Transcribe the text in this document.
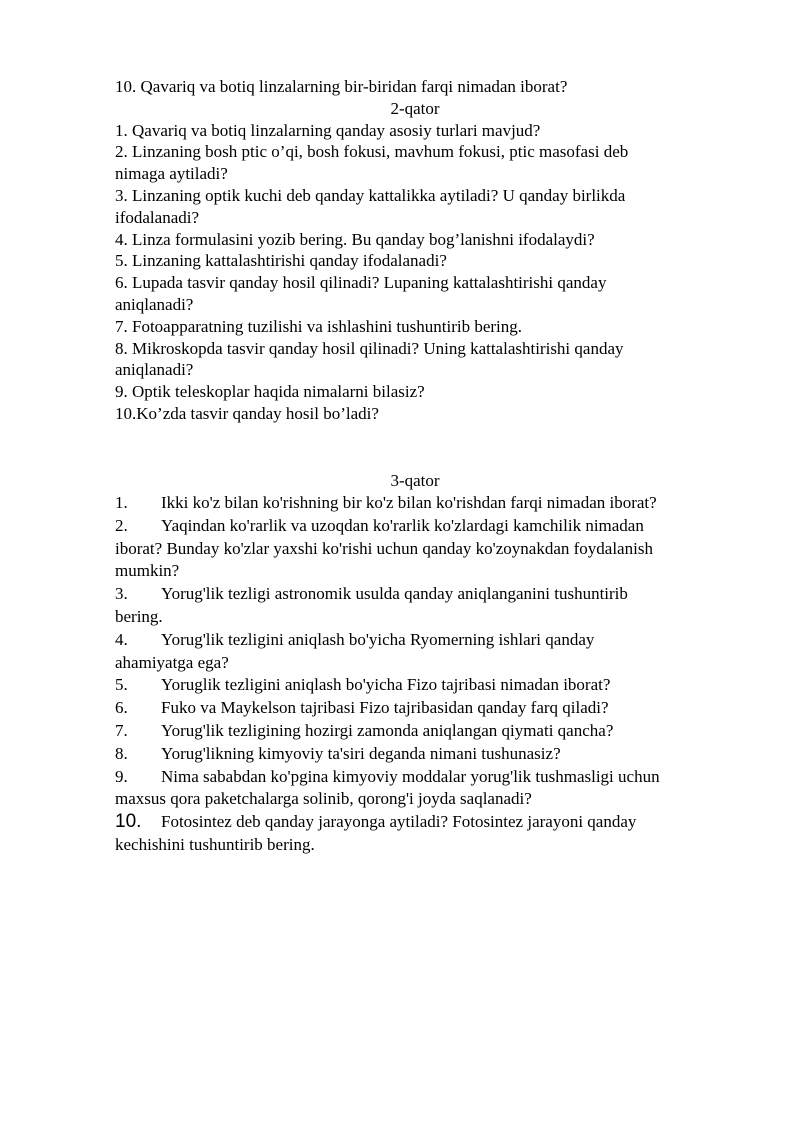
10. Qavariq va botiq linzalarning bir-biridan farqi nimadan iborat?
2-qator
1. Qavariq va botiq linzalarning qanday asosiy turlari mavjud?
2. Linzaning bosh ptic o’qi, bosh fokusi, mavhum fokusi, ptic masofasi deb
nimaga aytiladi?
3. Linzaning optik kuchi deb qanday kattalikka aytiladi? U qanday birlikda
ifodalanadi?
4. Linza formulasini yozib bering. Bu qanday bog’lanishni ifodalaydi?
5. Linzaning kattalashtirishi qanday ifodalanadi?
6. Lupada tasvir qanday hosil qilinadi? Lupaning kattalashtirishi qanday
aniqlanadi?
7. Fotoapparatning tuzilishi va ishlashini tushuntirib bering.
8. Mikroskopda tasvir qanday hosil qilinadi? Uning kattalashtirishi qanday
aniqlanadi?
9. Optik teleskoplar haqida nimalarni bilasiz?
10.Ko’zda tasvir qanday hosil bo’ladi?
3-qator
1. Ikki ko'z bilan ko'rishning bir ko'z bilan ko'rishdan farqi nimadan iborat?
2. Yaqindan ko'rarlik va uzoqdan ko'rarlik ko'zlardagi kamchilik nimadan
iborat? Bunday ko'zlar yaxshi ko'rishi uchun qanday ko'zoynakdan foydalanish
mumkin?
3. Yorug'lik tezligi astronomik usulda qanday aniqlanganini tushuntirib
bering.
4. Yorug'lik tezligini aniqlash bo'yicha Ryomerning ishlari qanday
ahamiyatga ega?
5. Yoruglik tezligini aniqlash bo'yicha Fizo tajribasi nimadan iborat?
6. Fuko va Maykelson tajribasi Fizo tajribasidan qanday farq qiladi?
7. Yorug'lik tezligining hozirgi zamonda aniqlangan qiymati qancha?
8. Yorug'likning kimyoviy ta'siri deganda nimani tushunasiz?
9. Nima sababdan ko'pgina kimyoviy moddalar yorug'lik tushmasligi uchun
maxsus qora paketchalarga solinib, qorong'i joyda saqlanadi?
10. Fotosintez deb qanday jarayonga aytiladi? Fotosintez jarayoni qanday
kechishini tushuntirib bering.
